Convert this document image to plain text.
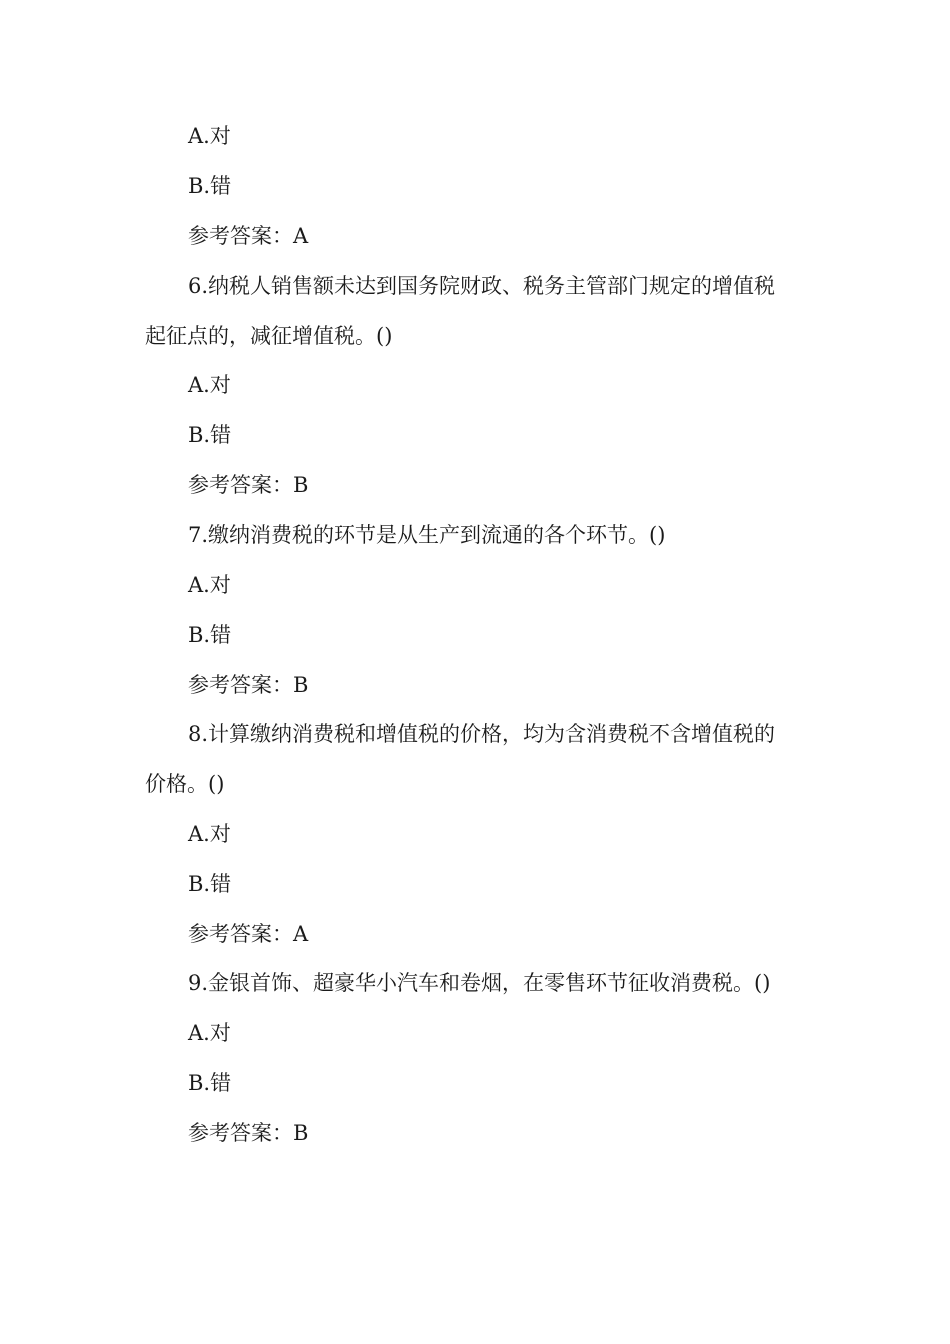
A.对
B.错
参考答案：A
6.纳税人销售额未达到国务院财政、税务主管部门规定的增值税
起征点的，减征增值税。()
A.对
B.错
参考答案：B
7.缴纳消费税的环节是从生产到流通的各个环节。()
A.对
B.错
参考答案：B
8.计算缴纳消费税和增值税的价格，均为含消费税不含增值税的
价格。()
A.对
B.错
参考答案：A
9.金银首饰、超豪华小汽车和卷烟，在零售环节征收消费税。()
A.对
B.错
参考答案：B
